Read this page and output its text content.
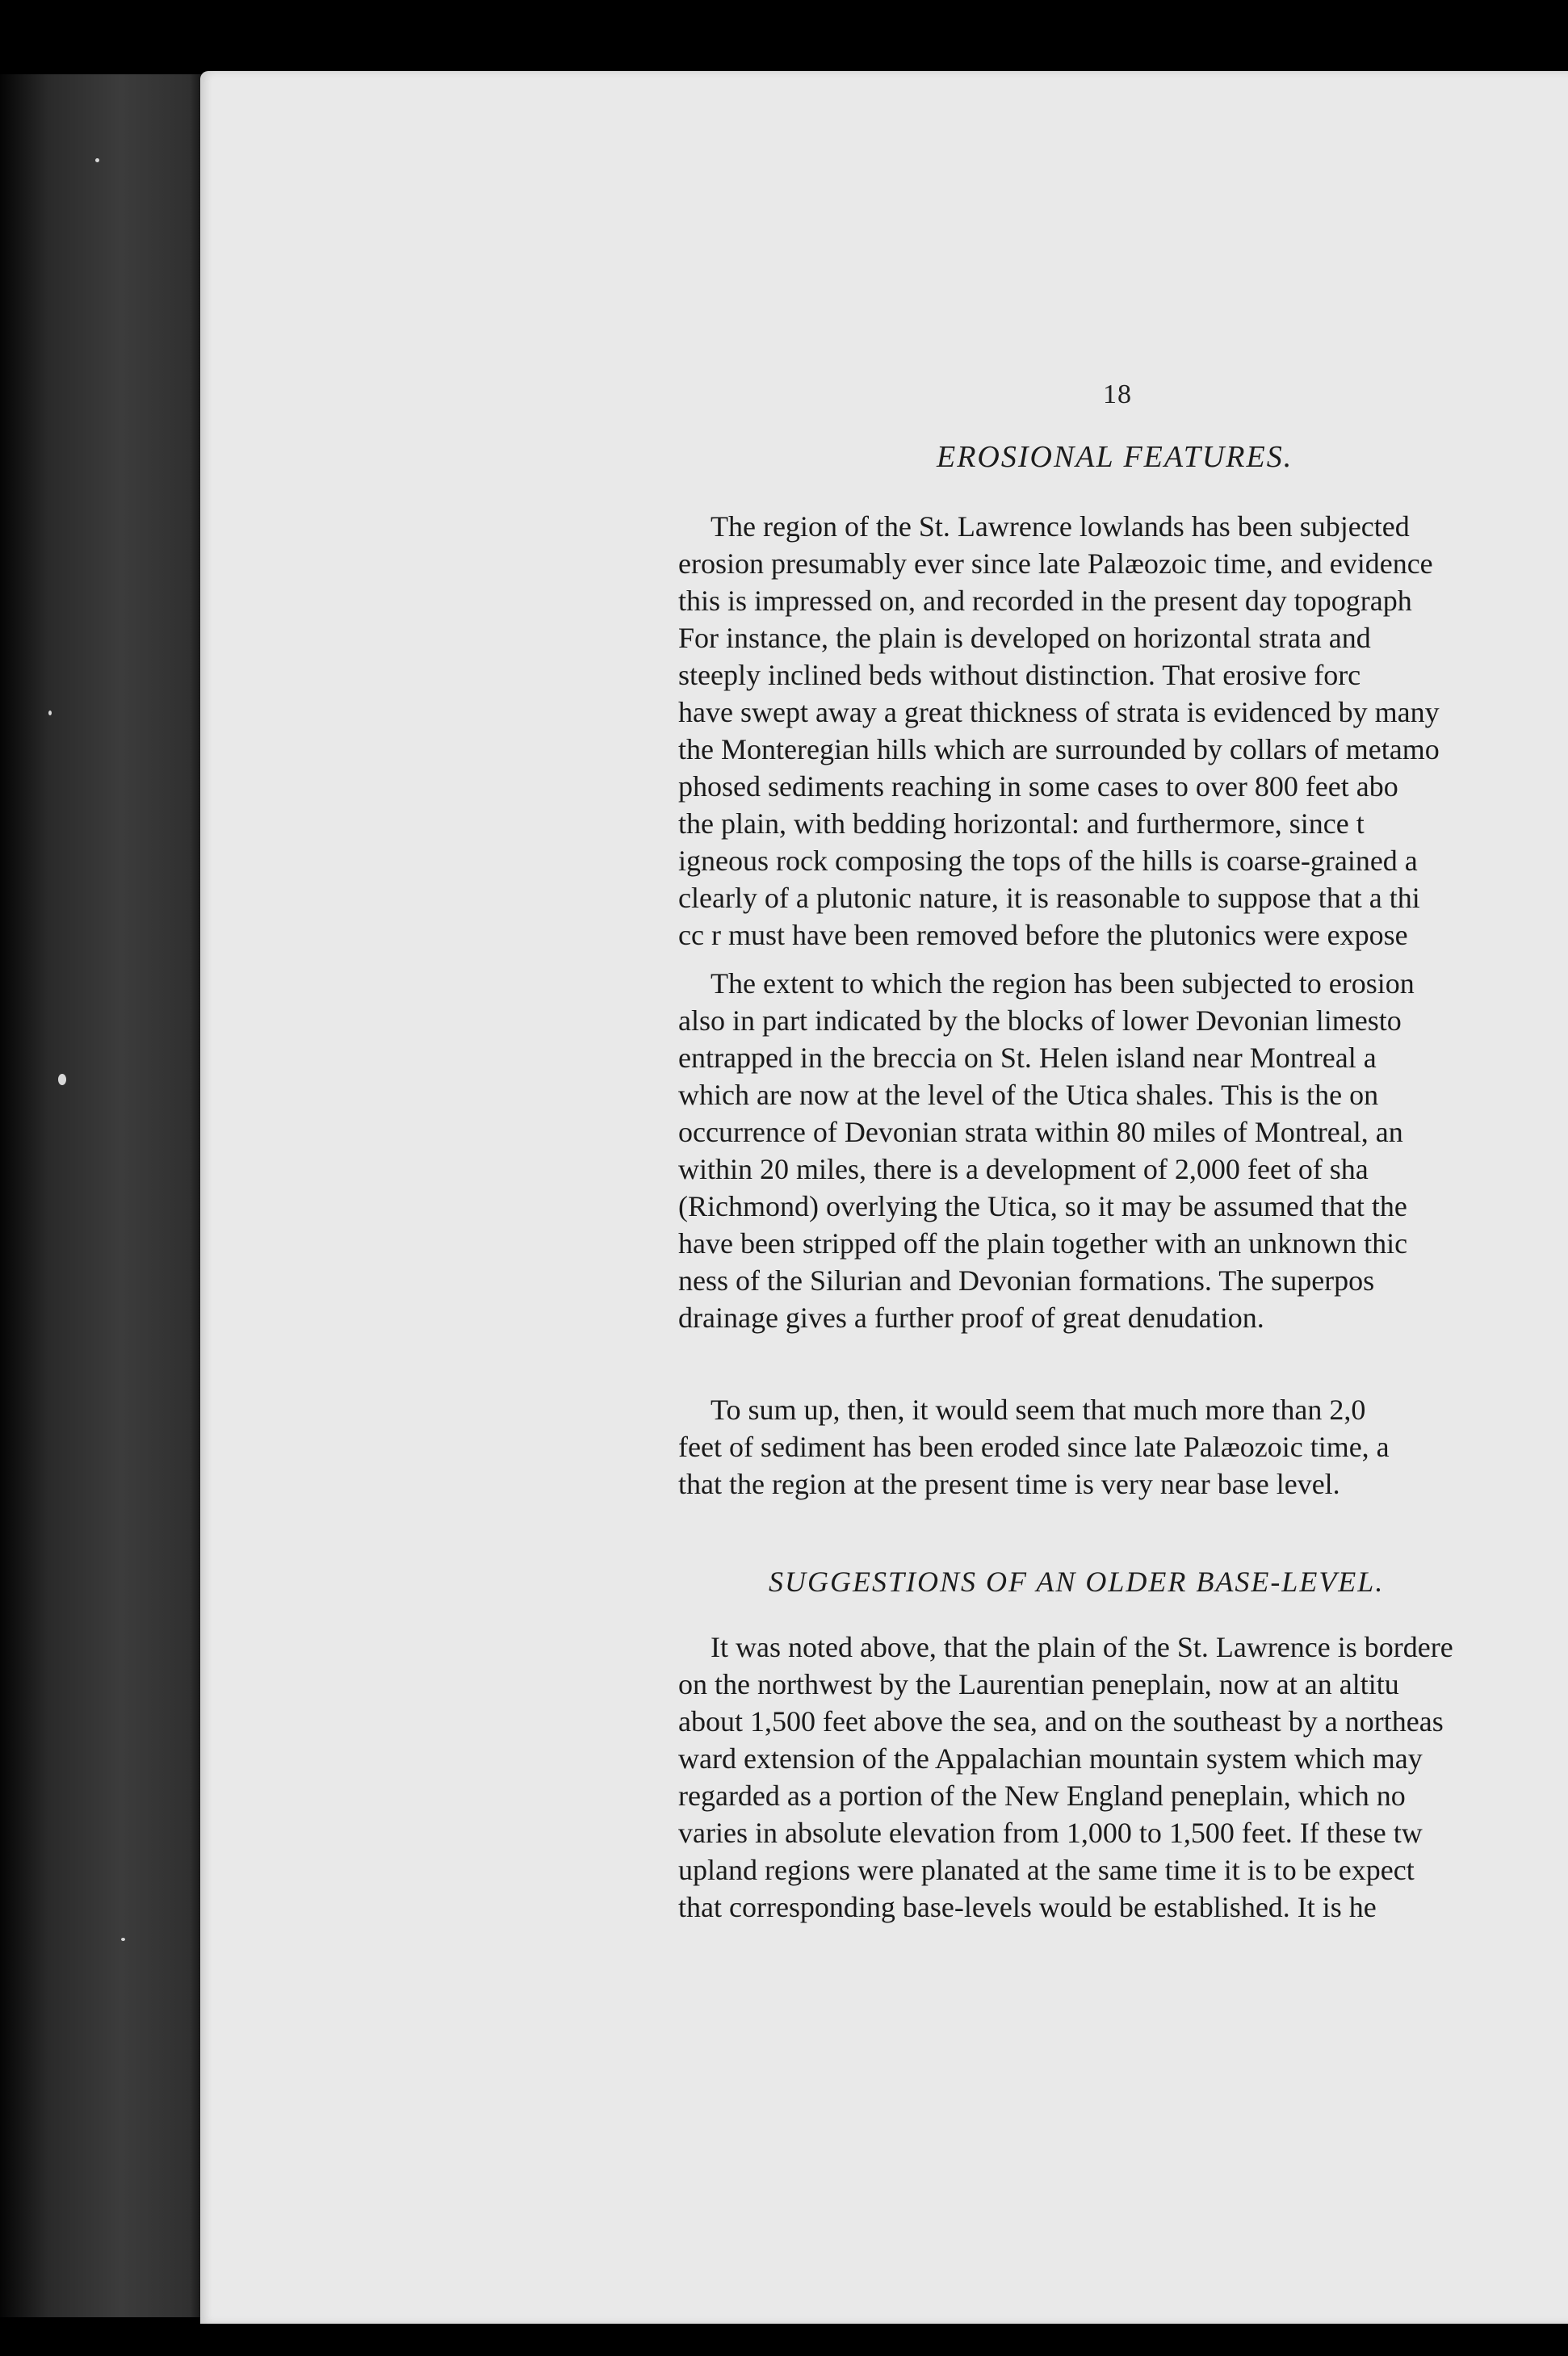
18
EROSIONAL FEATURES.
The region of the St. Lawrence lowlands has been subjected
erosion presumably ever since late Palæozoic time, and evidence
this is impressed on, and recorded in the present day topograph
For instance, the plain is developed on horizontal strata and
steeply inclined beds without distinction. That erosive forc
have swept away a great thickness of strata is evidenced by many
the Monteregian hills which are surrounded by collars of metamo
phosed sediments reaching in some cases to over 800 feet abo
the plain, with bedding horizontal: and furthermore, since t
igneous rock composing the tops of the hills is coarse-grained a
clearly of a plutonic nature, it is reasonable to suppose that a thi
cc r must have been removed before the plutonics were expose
The extent to which the region has been subjected to erosion
also in part indicated by the blocks of lower Devonian limesto
entrapped in the breccia on St. Helen island near Montreal a
which are now at the level of the Utica shales. This is the on
occurrence of Devonian strata within 80 miles of Montreal, an
within 20 miles, there is a development of 2,000 feet of sha
(Richmond) overlying the Utica, so it may be assumed that the
have been stripped off the plain together with an unknown thic
ness of the Silurian and Devonian formations. The superpos
drainage gives a further proof of great denudation.
To sum up, then, it would seem that much more than 2,0
feet of sediment has been eroded since late Palæozoic time, a
that the region at the present time is very near base level.
SUGGESTIONS OF AN OLDER BASE-LEVEL.
It was noted above, that the plain of the St. Lawrence is bordere
on the northwest by the Laurentian peneplain, now at an altitu
about 1,500 feet above the sea, and on the southeast by a northeas
ward extension of the Appalachian mountain system which may
regarded as a portion of the New England peneplain, which no
varies in absolute elevation from 1,000 to 1,500 feet. If these tw
upland regions were planated at the same time it is to be expect
that corresponding base-levels would be established. It is he
